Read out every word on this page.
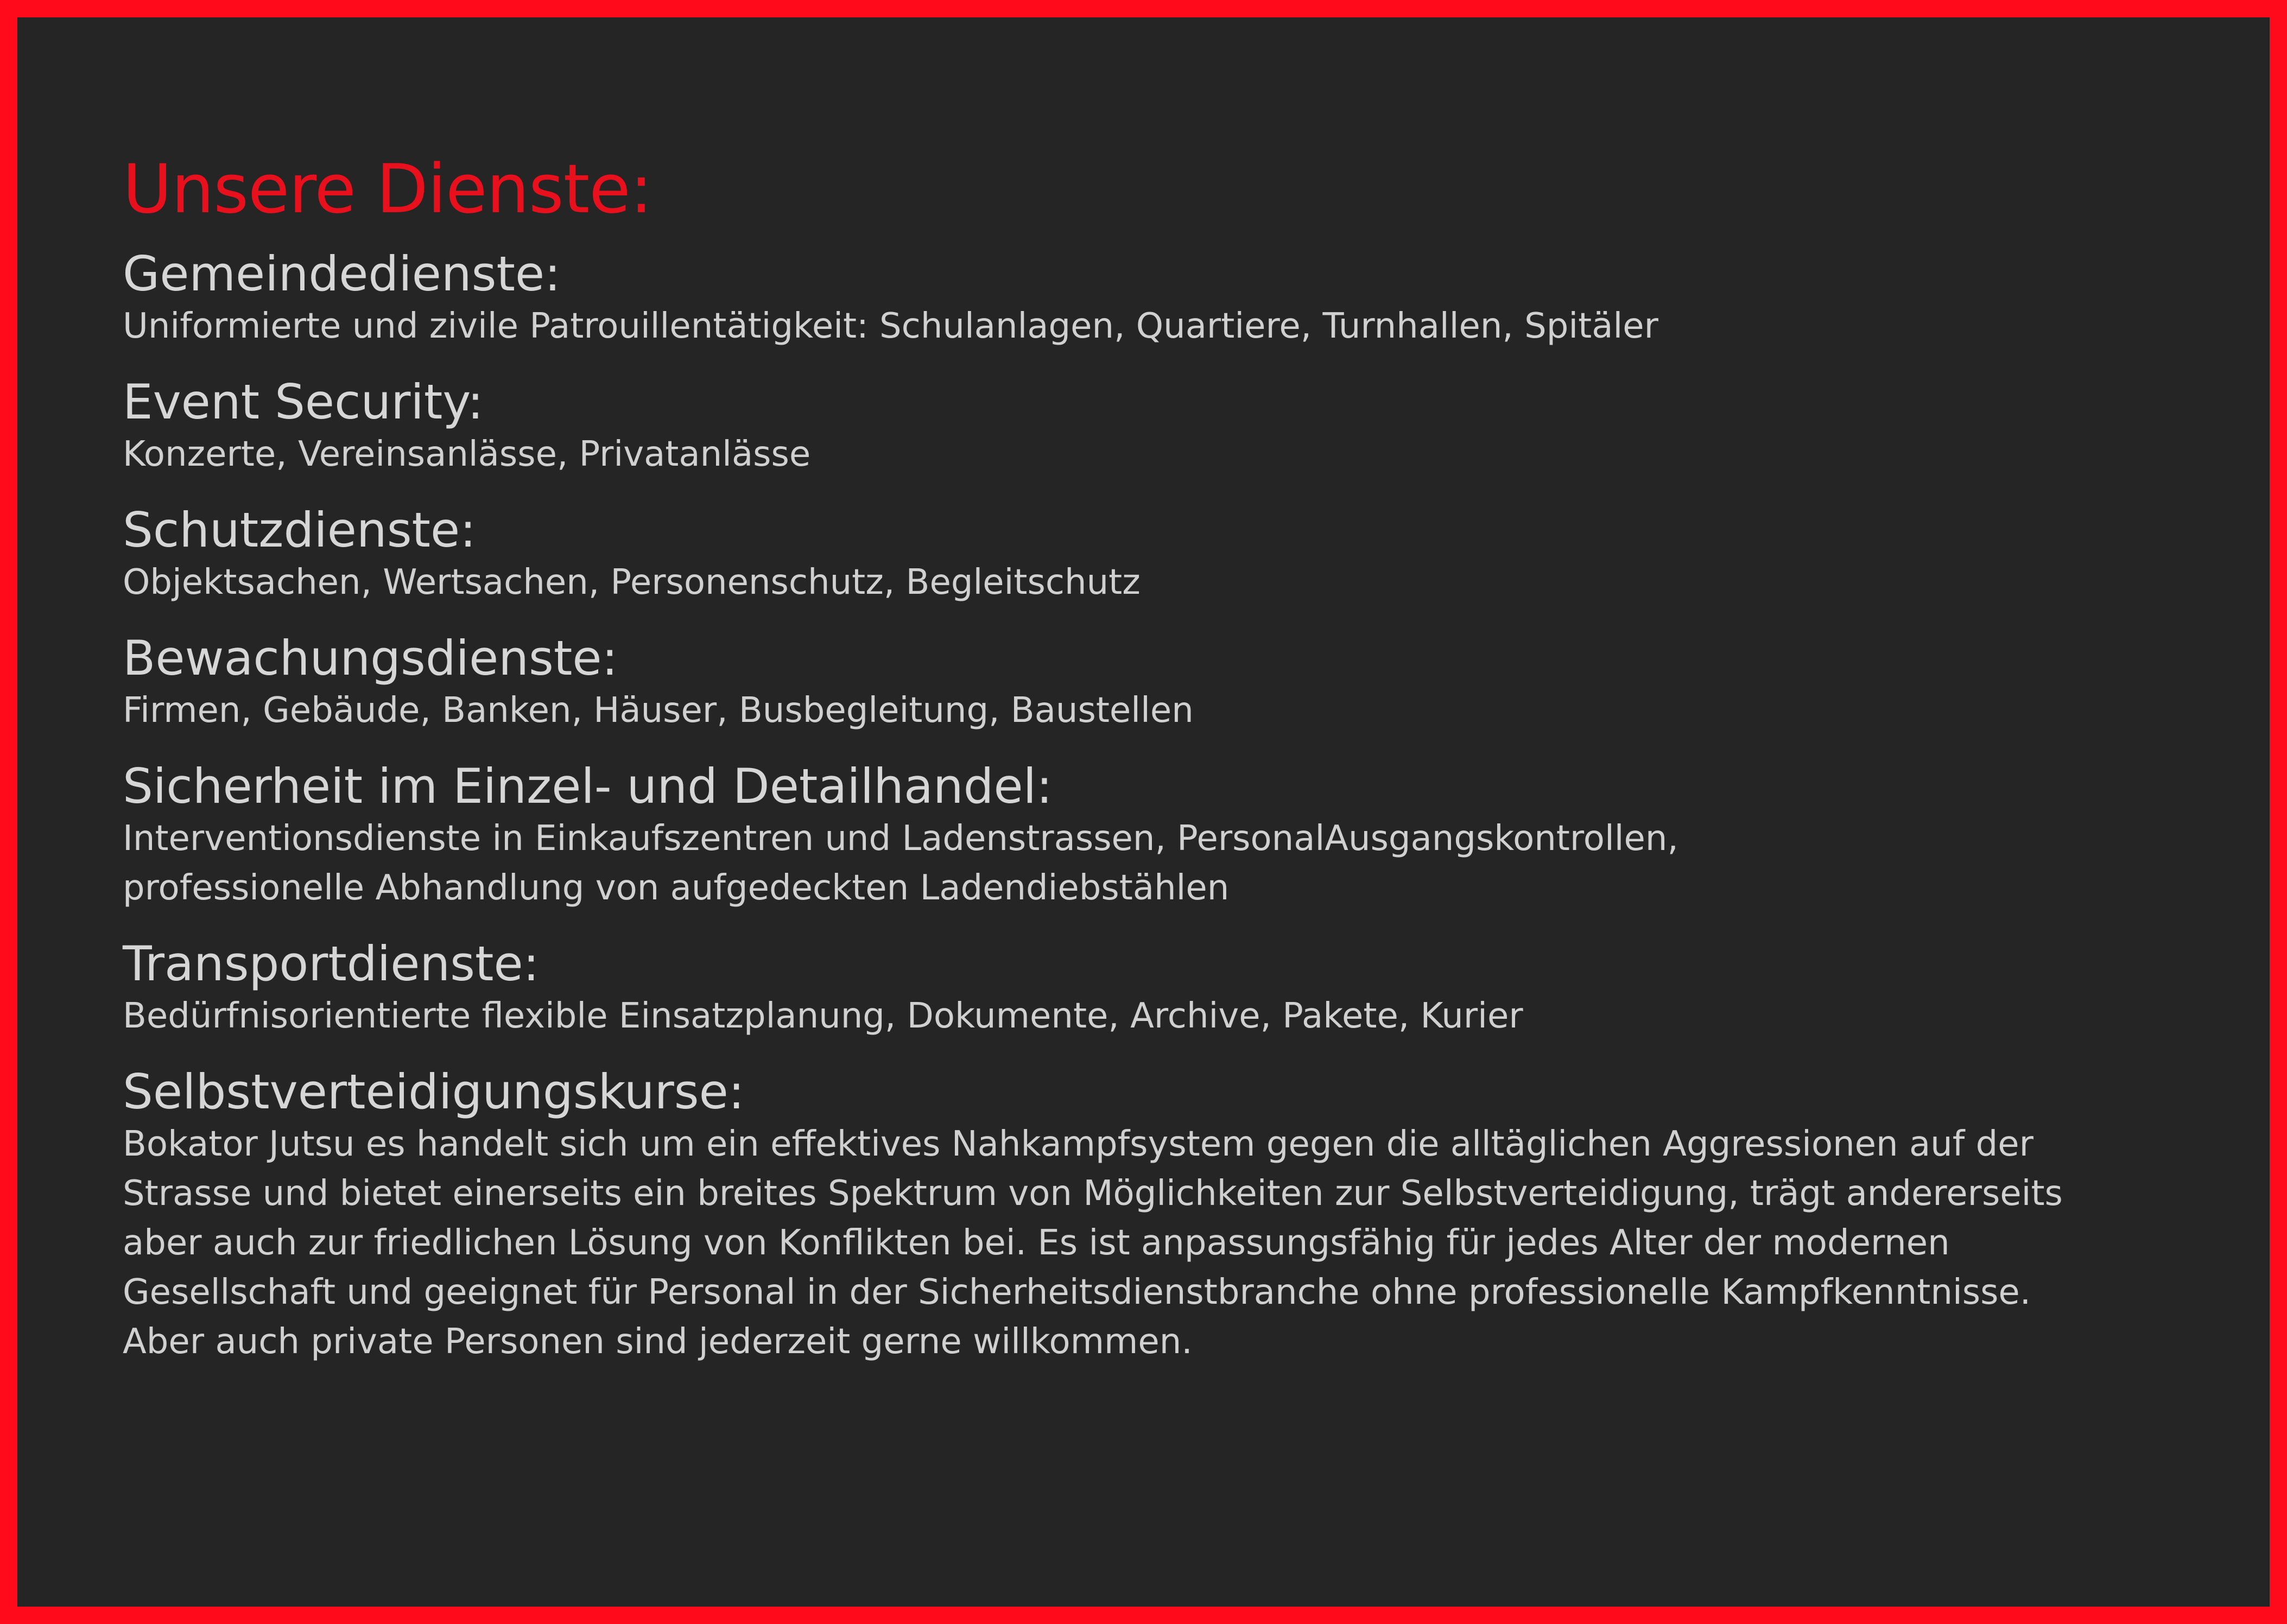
Unsere Dienste:
Gemeindedienste:

Uniformierte und zivile Patrouillentätigkeit: Schulanlagen, Quartiere, Turnhallen, Spitäler

Event Security:

Konzerte, Vereinsanlässe, Privatanlässe

Schutzdienste:

Objektsachen, Wertsachen, Personenschutz, Begleitschutz

Bewachungsdienste:

Firmen, Gebäude, Banken, Häuser, Busbegleitung, Baustellen

Sicherheit im Einzel- und Detailhandel:

Interventionsdienste in Einkaufszentren und Ladenstrassen, PersonalAusgangskontrollen,
professionelle Abhandlung von aufgedeckten Ladendiebstählen

Transportdienste:

Bedürfnisorientierte flexible Einsatzplanung, Dokumente, Archive, Pakete, Kurier

Selbstverteidigungskurse:

Bokator Jutsu es handelt sich um ein effektives Nahkampfsystem gegen die alltäglichen Aggressionen auf der
Strasse und bietet einerseits ein breites Spektrum von Möglichkeiten zur Selbstverteidigung, trägt andererseits
aber auch zur friedlichen Lösung von Konflikten bei. Es ist anpassungsfähig für jedes Alter der modernen
Gesellschaft und geeignet für Personal in der Sicherheitsdienstbranche ohne professionelle Kampfkenntnisse.
Aber auch private Personen sind jederzeit gerne willkommen.
